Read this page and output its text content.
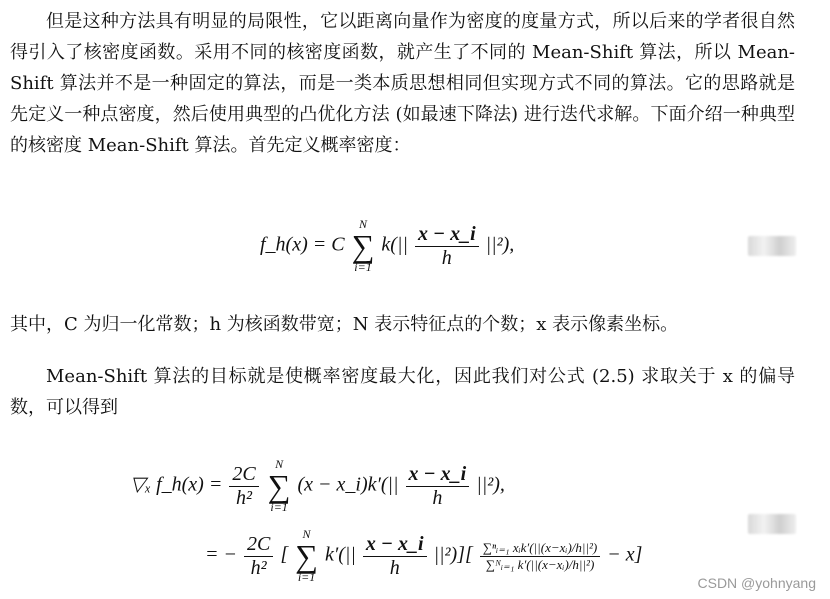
但是这种方法具有明显的局限性，它以距离向量作为密度的度量方式，所以后来的学者很自然得引入了核密度函数。采用不同的核密度函数，就产生了不同的 Mean-Shift 算法，所以 Mean-Shift 算法并不是一种固定的算法，而是一类本质思想相同但实现方式不同的算法。它的思路就是先定义一种点密度，然后使用典型的凸优化方法 (如最速下降法) 进行迭代求解。下面介绍一种典型的核密度 Mean-Shift 算法。首先定义概率密度：

f_h(x) = C
N
∑
i=1
$k(|| \frac{x - x\_i}{h} ||^2)$,

其中，C 为归一化常数；h 为核函数带宽；N 表示特征点的个数；x 表示像素坐标。

Mean-Shift 算法的目标就是使概率密度最大化，因此我们对公式 (2.5) 求取关于 x 的偏导数，可以得到

▽ₓ f_h(x) = $\frac{2C}{\text{h²}}$
	N
∑
i=1
(x − x_i)k′(|| $\frac{x - x\_i}{h} ||^2$),
= − $\frac{2C}{\text{h²}}$ [
N
∑
i=1
$k'(|| \frac{x - x\_i}{h} ||^2)][ \frac{\text{∑ⁿᵢ₌₁ xᵢk′(||(x−xᵢ)/h||²)}}{\text{∑ᴺᵢ₌₁ k′(||(x−xᵢ)/h||²)}} - x]$
CSDN @yohnyang
